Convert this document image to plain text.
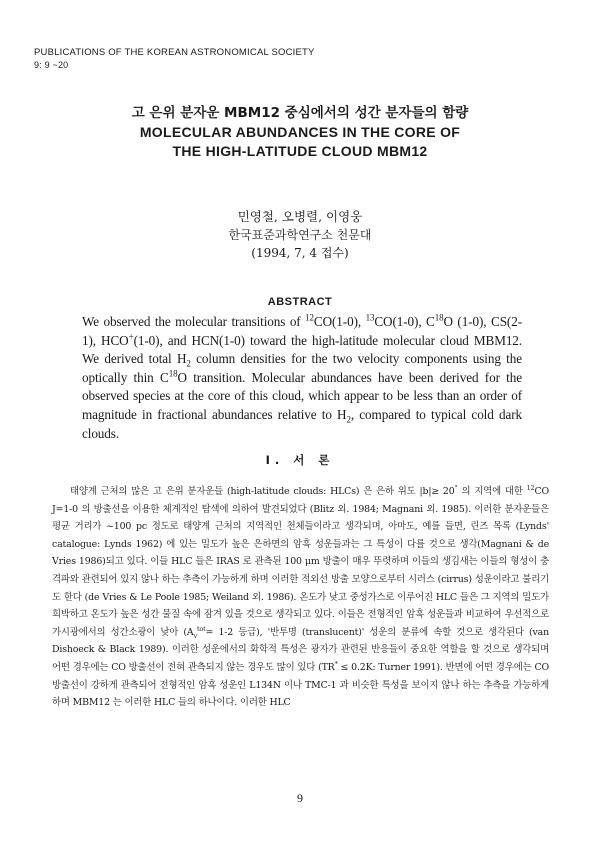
PUBLICATIONS OF THE KOREAN ASTRONOMICAL SOCIETY
9: 9 ~20
고 은위 분자운 MBM12 중심에서의 성간 분자들의 함량
MOLECULAR ABUNDANCES IN THE CORE OF
THE HIGH-LATITUDE CLOUD MBM12
민영철, 오병렬, 이영웅
한국표준과학연구소 천문대
(1994, 7, 4 접수)
ABSTRACT

We observed the molecular transitions of $^{12}$CO(1-0), $^{13}$CO(1-0), $C^{18}O$ (1-0), CS(2-1), HCO+(1-0), and HCN(1-0) toward the high-latitude molecular cloud MBM12. We derived total $H_2$ column densities for the two velocity components using the optically thin $C^{18}O$ transition. Molecular abundances have been derived for the observed species at the core of this cloud, which appear to be less than an order of magnitude in fractional abundances relative to $H_2$, compared to typical cold dark clouds.

I. 서 론

태양계 근처의 많은 고 은위 분자운들 (high-latitude clouds: HLCs) 은 은하 위도 |b|≥ 20° 의 지역에 대한 $^{12}$CO J=1-0 의 방출선을 이용한 체계적인 탐색에 의하여 발견되었다 (Blitz 외. 1984; Magnani 외. 1985). 이러한 분자운들은 평균 거리가 ~100 pc 정도로 태양계 근처의 지역적인 천체들이라고 생각되며, 아마도, 예를 들면, 린즈 목록 (Lynds' catalogue: Lynds 1962) 에 있는 밀도가 높은 은하면의 암흑 성운들과는 그 특성이 다를 것으로 생각(Magnani & de Vries 1986)되고 있다. 이들 HLC 들은 IRAS 로 관측된 100 μm 방출이 매우 뚜렷하며 이들의 생김새는 이들의 형성이 충격파와 관련되어 있지 않나 하는 추측이 가능하게 하며 이러한 적외선 방출 모양으로부터 시러스 (cirrus) 성운이라고 불리기도 한다 (de Vries & Le Poole 1985; Weiland 외. 1986). 온도가 낮고 중성가스로 이루어진 HLC 들은 그 지역의 밀도가 희박하고 온도가 높은 성간 물질 속에 잠겨 있을 것으로 생각되고 있다. 이들은 전형적인 암흑 성운들과 비교하여 우선적으로 가시광에서의 성간소광이 낮아 ($A_v^{tot}= 1-2$ 등급), '반투명 (translucent)' 성운의 분류에 속할 것으로 생각된다 (van Dishoeck & Black 1989). 이러한 성운에서의 화학적 특성은 광자가 관련된 반응들이 중요한 역할을 할 것으로 생각되며 어떤 경우에는 CO 방출선이 전혀 관측되지 않는 경우도 많이 있다 (TR* ≤ 0.2K: Turner 1991). 반면에 어떤 경우에는 CO 방출선이 강하게 관측되어 전형적인 암흑 성운인 L134N 이나 TMC-1 과 비슷한 특성을 보이지 않나 하는 추측을 가능하게 하며 MBM12 는 이러한 HLC 들의 하나이다. 이러한 HLC

9
